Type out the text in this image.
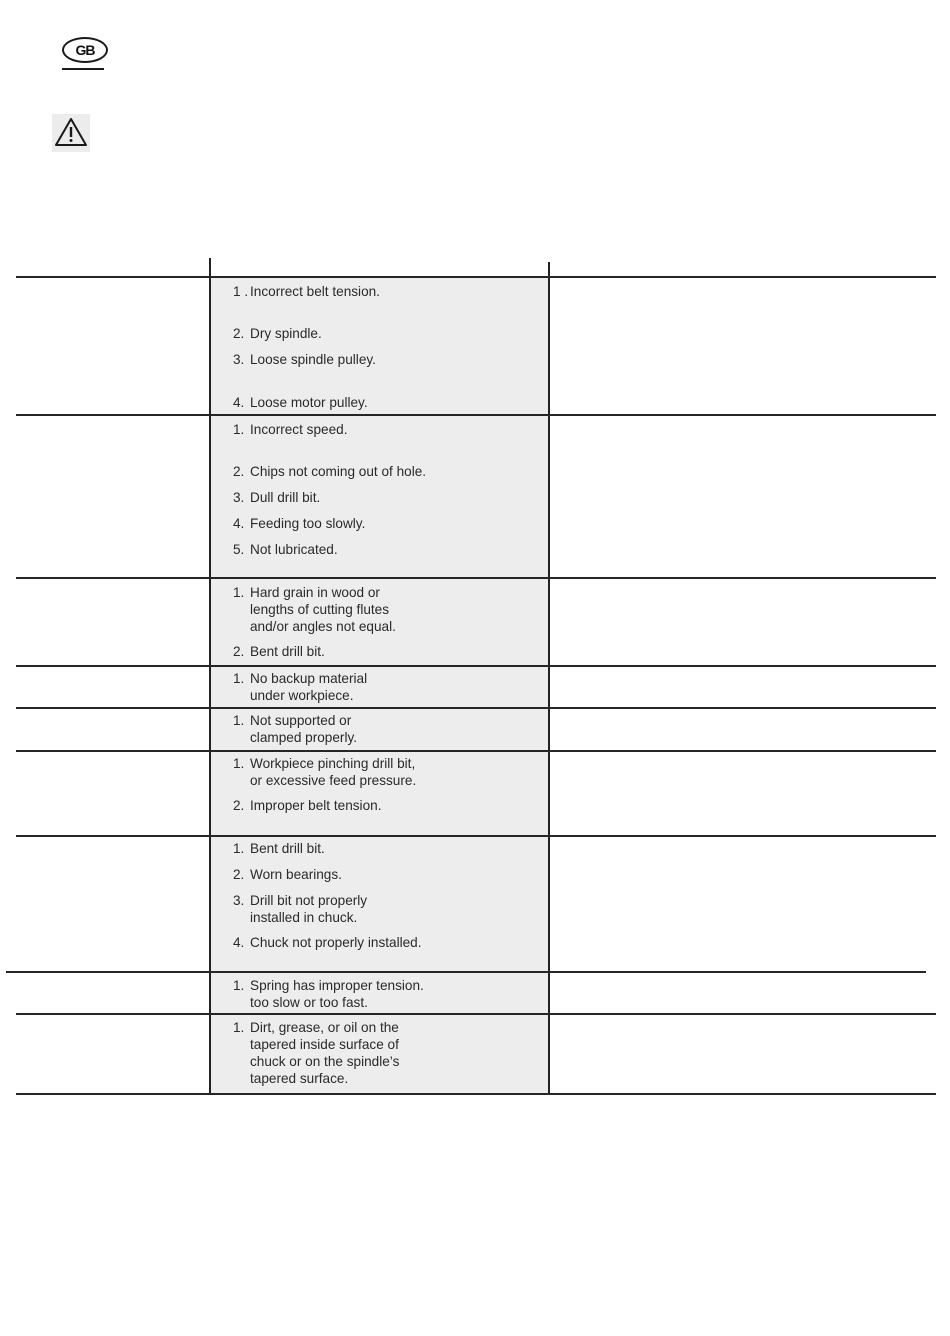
GB
1 . Incorrect belt tension.
2. Dry spindle.
3. Loose spindle pulley.
4. Loose motor pulley.
1. Incorrect speed.
2. Chips not coming out of hole.
3. Dull drill bit.
4. Feeding too slowly.
5. Not lubricated.
1. Hard grain in wood or
lengths of cutting flutes
and/or angles not equal.
2. Bent drill bit.
1. No backup material
under workpiece.
1. Not supported or
clamped properly.
1. Workpiece pinching drill bit,
or excessive feed pressure.
2. Improper belt tension.
1. Bent drill bit.
2. Worn bearings.
3. Drill bit not properly
installed in chuck.
4. Chuck not properly installed.
1. Spring has improper tension.
too slow or too fast.
1. Dirt, grease, or oil on the
tapered inside surface of
chuck or on the spindle’s
tapered surface.
